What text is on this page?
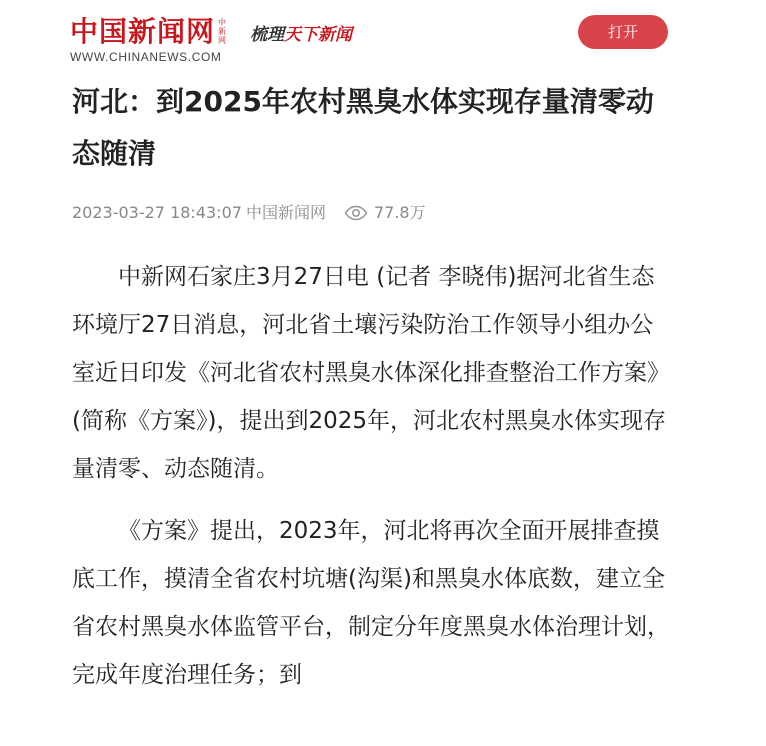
中国新闻网 中新网
WWW.CHINANEWS.COM
梳理天下新闻	打开
河北：到2025年农村黑臭水体实现存量清零动态随清
2023-03-27 18:43:07 中国新闻网	77.8万

中新网石家庄3月27日电 (记者 李晓伟)据河北省生态环境厅27日消息，河北省土壤污染防治工作领导小组办公室近日印发《河北省农村黑臭水体深化排查整治工作方案》(简称《方案》)，提出到2025年，河北农村黑臭水体实现存量清零、动态随清。

《方案》提出，2023年，河北将再次全面开展排查摸底工作，摸清全省农村坑塘(沟渠)和黑臭水体底数，建立全省农村黑臭水体监管平台，制定分年度黑臭水体治理计划，完成年度治理任务；到
